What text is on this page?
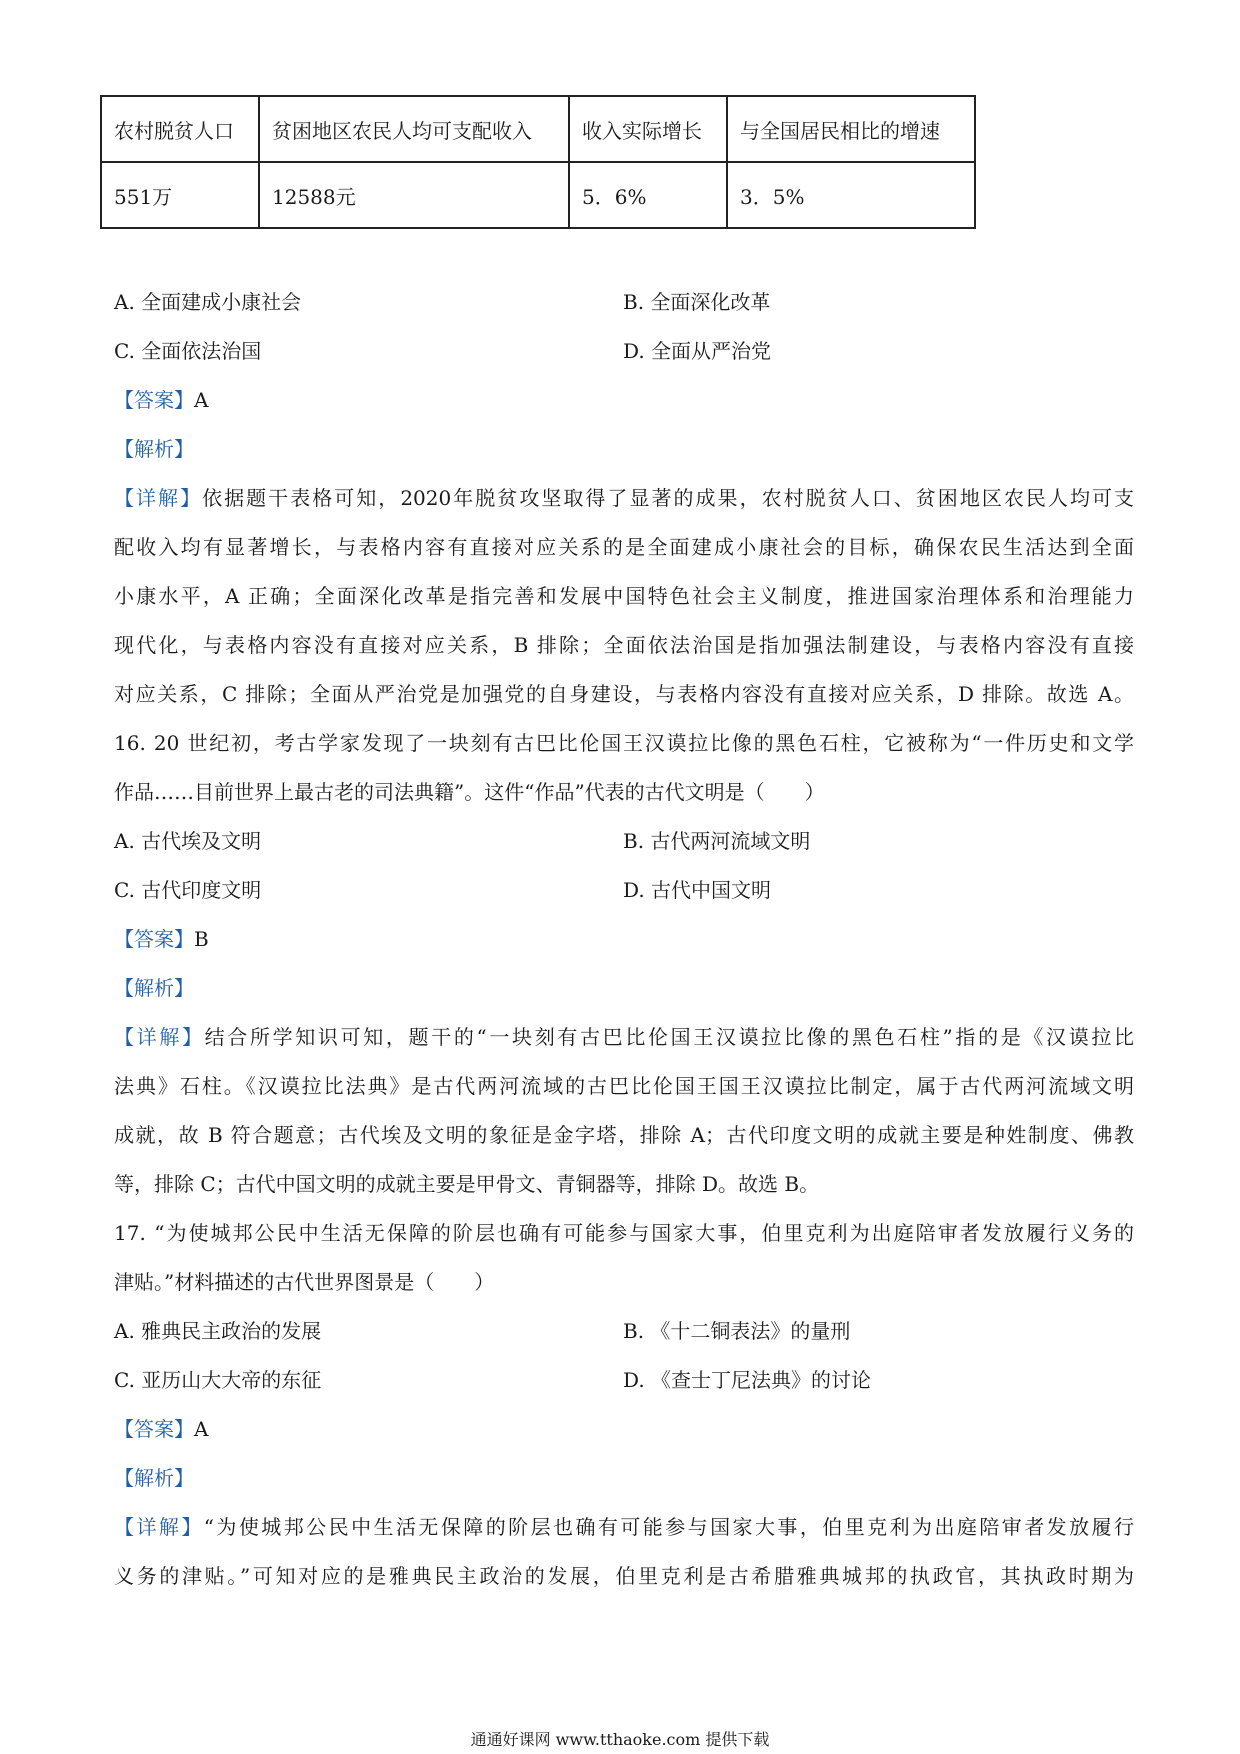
农村脱贫人口	贫困地区农民人均可支配收入	收入实际增长	与全国居民相比的增速
551万	12588元	5．6%	3．5%
A. 全面建成小康社会	B. 全面深化改革
C. 全面依法治国	D. 全面从严治党
【答案】A
【解析】
【详解】依据题干表格可知，2020年脱贫攻坚取得了显著的成果，农村脱贫人口、贫困地区农民人均可支
配收入均有显著增长，与表格内容有直接对应关系的是全面建成小康社会的目标，确保农民生活达到全面
小康水平，A 正确；全面深化改革是指完善和发展中国特色社会主义制度，推进国家治理体系和治理能力
现代化，与表格内容没有直接对应关系，B 排除；全面依法治国是指加强法制建设，与表格内容没有直接
对应关系，C 排除；全面从严治党是加强党的自身建设，与表格内容没有直接对应关系，D 排除。故选 A。
16. 20 世纪初，考古学家发现了一块刻有古巴比伦国王汉谟拉比像的黑色石柱，它被称为“一件历史和文学
作品……目前世界上最古老的司法典籍”。这件“作品”代表的古代文明是（　　）
A. 古代埃及文明	B. 古代两河流域文明
C. 古代印度文明	D. 古代中国文明
【答案】B
【解析】
【详解】结合所学知识可知，题干的“一块刻有古巴比伦国王汉谟拉比像的黑色石柱”指的是《汉谟拉比
法典》石柱。《汉谟拉比法典》是古代两河流域的古巴比伦国王国王汉谟拉比制定，属于古代两河流域文明
成就，故 B 符合题意；古代埃及文明的象征是金字塔，排除 A；古代印度文明的成就主要是种姓制度、佛教
等，排除 C；古代中国文明的成就主要是甲骨文、青铜器等，排除 D。故选 B。
17. “为使城邦公民中生活无保障的阶层也确有可能参与国家大事，伯里克利为出庭陪审者发放履行义务的
津贴。”材料描述的古代世界图景是（　　）
A. 雅典民主政治的发展	B. 《十二铜表法》的量刑
C. 亚历山大大帝的东征	D. 《查士丁尼法典》的讨论
【答案】A
【解析】
【详解】“为使城邦公民中生活无保障的阶层也确有可能参与国家大事，伯里克利为出庭陪审者发放履行
义务的津贴。”可知对应的是雅典民主政治的发展，伯里克利是古希腊雅典城邦的执政官，其执政时期为
通通好课网 www.tthaoke.com 提供下载
